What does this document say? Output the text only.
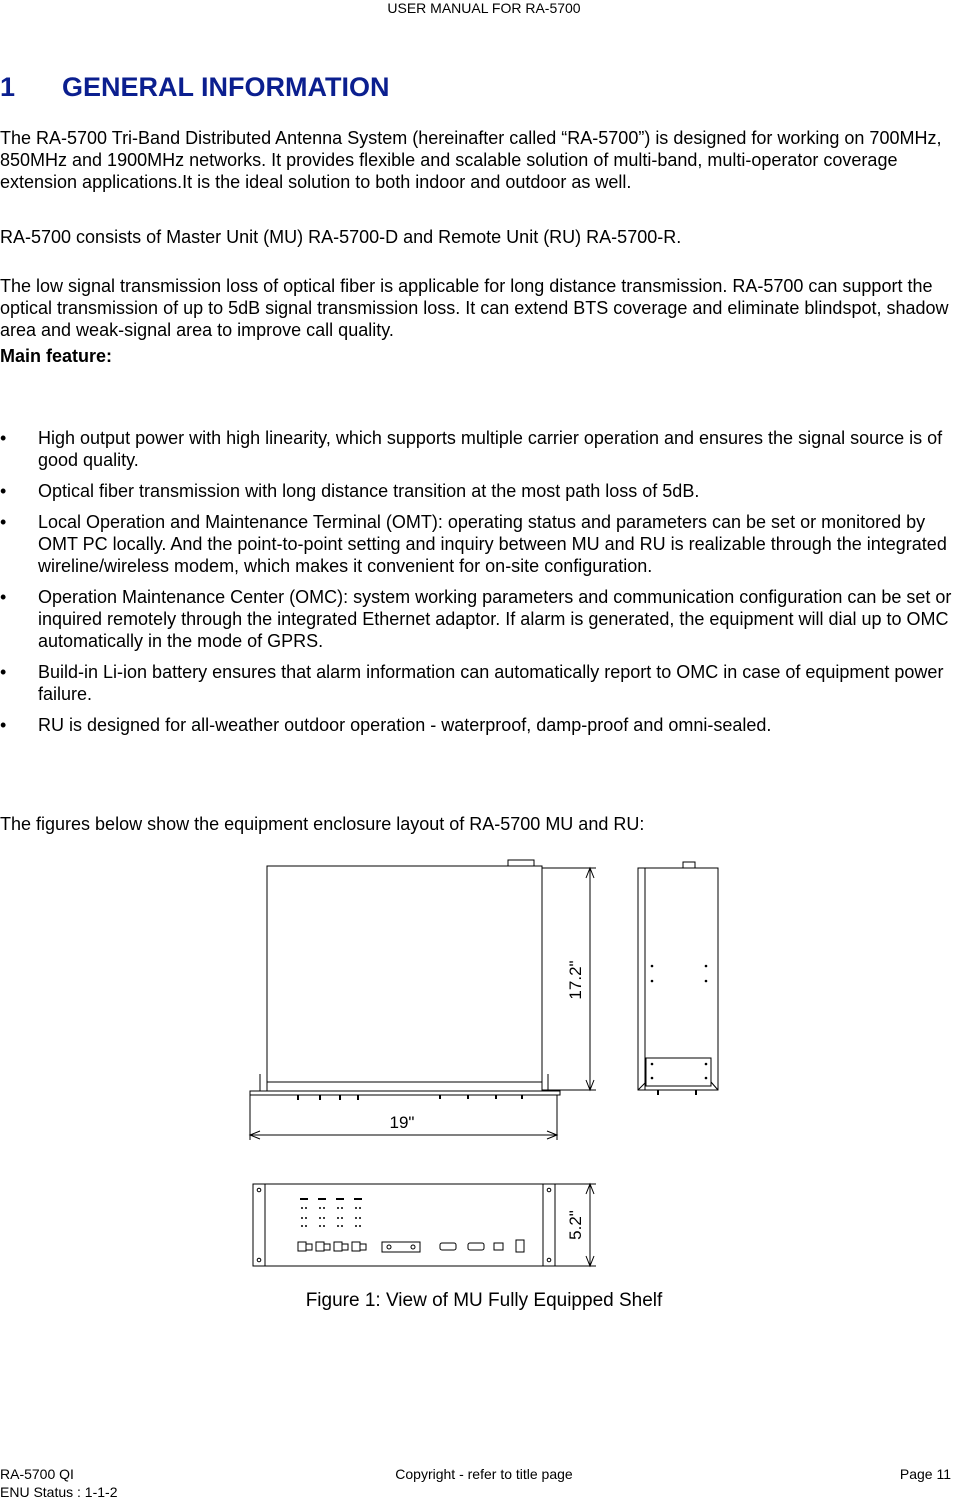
USER MANUAL FOR RA-5700
1 GENERAL INFORMATION

The RA-5700 Tri-Band Distributed Antenna System (hereinafter called “RA-5700”) is designed for working on 700MHz, 850MHz and 1900MHz networks. It provides flexible and scalable solution of multi-band, multi-operator coverage extension applications.It is the ideal solution to both indoor and outdoor as well.

RA-5700 consists of Master Unit (MU) RA-5700-D and Remote Unit (RU) RA-5700-R.

The low signal transmission loss of optical fiber is applicable for long distance transmission. RA-5700 can support the optical transmission of up to 5dB signal transmission loss. It can extend BTS coverage and eliminate blindspot, shadow area and weak-signal area to improve call quality.

Main feature:

• High output power with high linearity, which supports multiple carrier operation and ensures the signal source is of good quality.
• Optical fiber transmission with long distance transition at the most path loss of 5dB.
• Local Operation and Maintenance Terminal (OMT): operating status and parameters can be set or monitored by OMT PC locally. And the point-to-point setting and inquiry between MU and RU is realizable through the integrated wireline/wireless modem, which makes it convenient for on-site configuration.
• Operation Maintenance Center (OMC): system working parameters and communication configuration can be set or inquired remotely through the integrated Ethernet adaptor. If alarm is generated, the equipment will dial up to OMC automatically in the mode of GPRS.
• Build-in Li-ion battery ensures that alarm information can automatically report to OMC in case of equipment power failure.
• RU is designed for all-weather outdoor operation - waterproof, damp-proof and omni-sealed.

The figures below show the equipment enclosure layout of RA-5700 MU and RU:

17.2"
19"
5.2"
Figure 1: View of MU Fully Equipped Shelf
RA-5700 QI	Copyright - refer to title page	Page 11
ENU Status : 1-1-2
